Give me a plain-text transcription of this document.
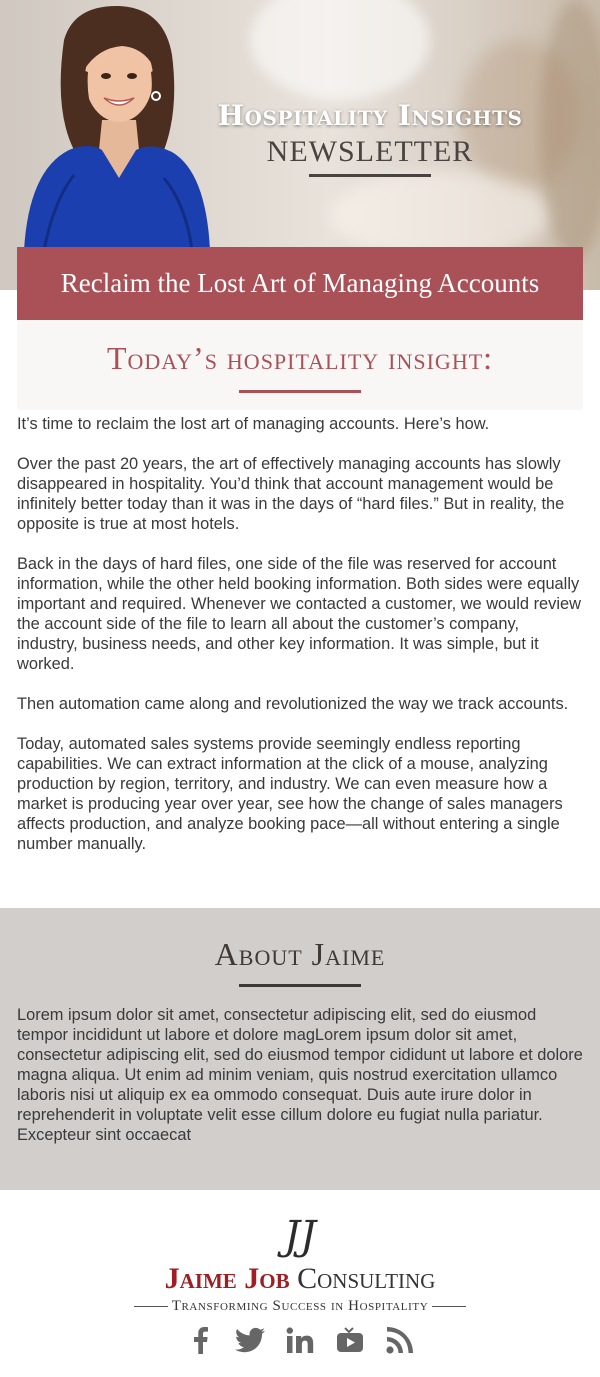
Hospitality Insights
NEWSLETTER
Reclaim the Lost Art of Managing Accounts
Today’s hospitality insight:

It’s time to reclaim the lost art of managing accounts. Here’s how.

Over the past 20 years, the art of effectively managing accounts has slowly disappeared in hospitality. You’d think that account management would be infinitely better today than it was in the days of “hard files.” But in reality, the opposite is true at most hotels.

Back in the days of hard files, one side of the file was reserved for account information, while the other held booking information. Both sides were equally important and required. Whenever we contacted a customer, we would review the account side of the file to learn all about the customer’s company, industry, business needs, and other key information. It was simple, but it worked.

Then automation came along and revolutionized the way we track accounts.

Today, automated sales systems provide seemingly endless reporting capabilities. We can extract information at the click of a mouse, analyzing production by region, territory, and industry. We can even measure how a market is producing year over year, see how the change of sales managers affects production, and analyze booking pace—all without entering a single number manually.

About Jaime
Lorem ipsum dolor sit amet, consectetur adipiscing elit, sed do eiusmod tempor incididunt ut labore et dolore magLorem ipsum dolor sit amet, consectetur adipiscing elit, sed do eiusmod tempor cididunt ut labore et dolore magna aliqua. Ut enim ad minim veniam, quis nostrud exercitation ullamco laboris nisi ut aliquip ex ea ommodo consequat. Duis aute irure dolor in reprehenderit in voluptate velit esse cillum dolore eu fugiat nulla pariatur. Excepteur sint occaecat
JJ
Jaime Job Consulting
Transforming Success in Hospitality
